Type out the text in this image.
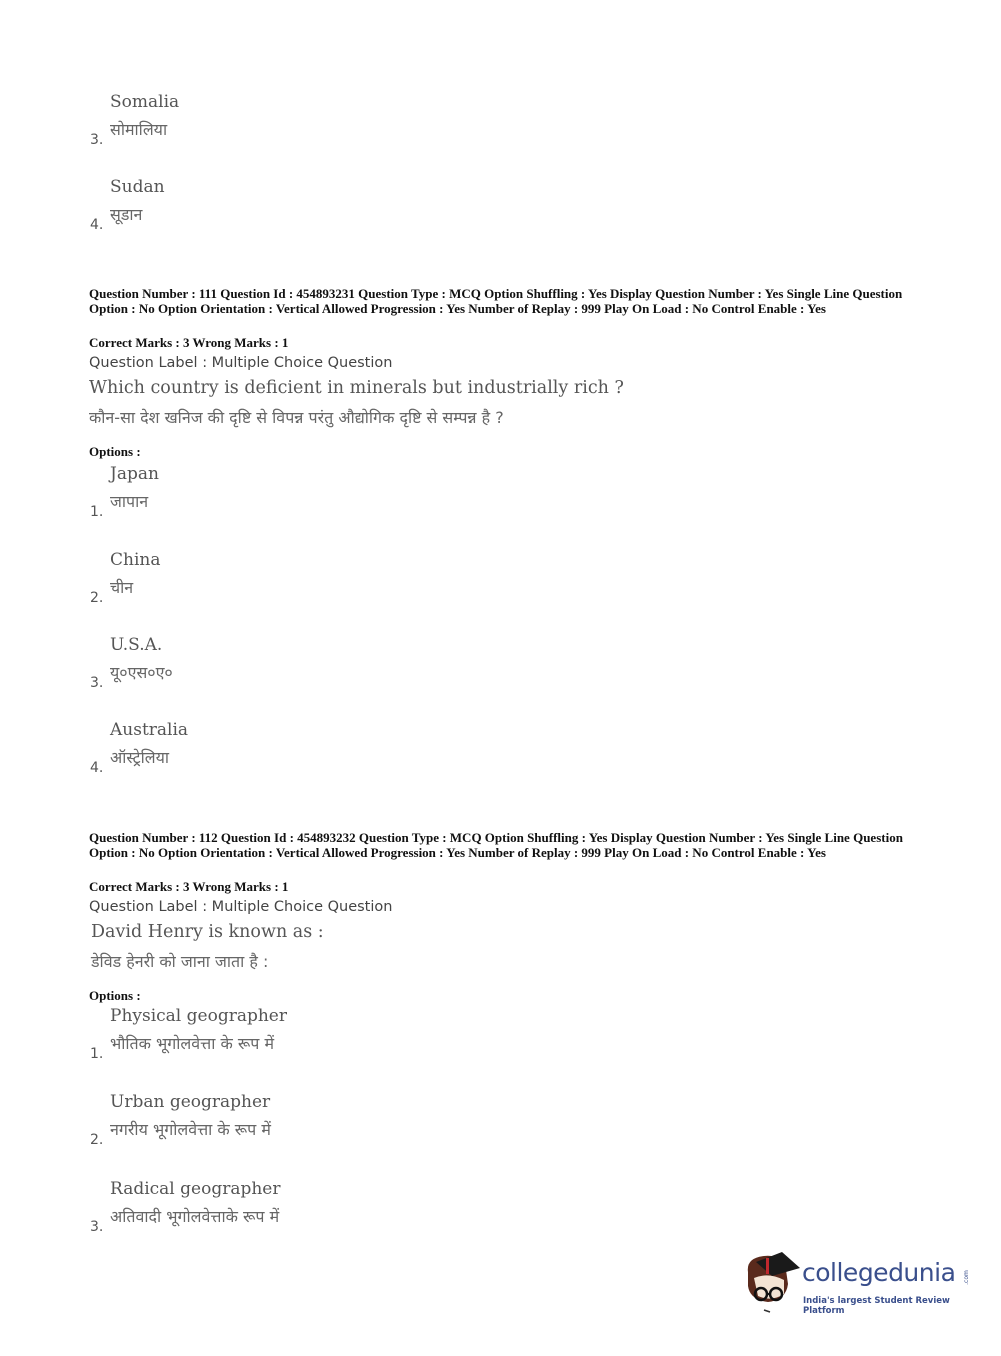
Somalia
सोमालिया
3.
Sudan
सूडान
4.
Question Number : 111 Question Id : 454893231 Question Type : MCQ Option Shuffling : Yes Display Question Number : Yes Single Line Question Option : No Option Orientation : Vertical Allowed Progression : Yes Number of Replay : 999 Play On Load : No Control Enable : Yes
Correct Marks : 3 Wrong Marks : 1
Question Label : Multiple Choice Question
Which country is deficient in minerals but industrially rich ?
कौन-सा देश खनिज की दृष्टि से विपन्न परंतु औद्योगिक दृष्टि से सम्पन्न है ?
Options :
Japan
जापान
1.
China
चीन
2.
U.S.A.
यू०एस०ए०
3.
Australia
ऑस्ट्रेलिया
4.
Question Number : 112 Question Id : 454893232 Question Type : MCQ Option Shuffling : Yes Display Question Number : Yes Single Line Question Option : No Option Orientation : Vertical Allowed Progression : Yes Number of Replay : 999 Play On Load : No Control Enable : Yes
Correct Marks : 3 Wrong Marks : 1
Question Label : Multiple Choice Question
David Henry is known as :
डेविड हेनरी को जाना जाता है :
Options :
Physical geographer
भौतिक भूगोलवेत्ता के रूप में
1.
Urban geographer
नगरीय भूगोलवेत्ता के रूप में
2.
Radical geographer
अतिवादी भूगोलवेत्ताके रूप में
3.
collegedunia .com
India's largest Student Review Platform
